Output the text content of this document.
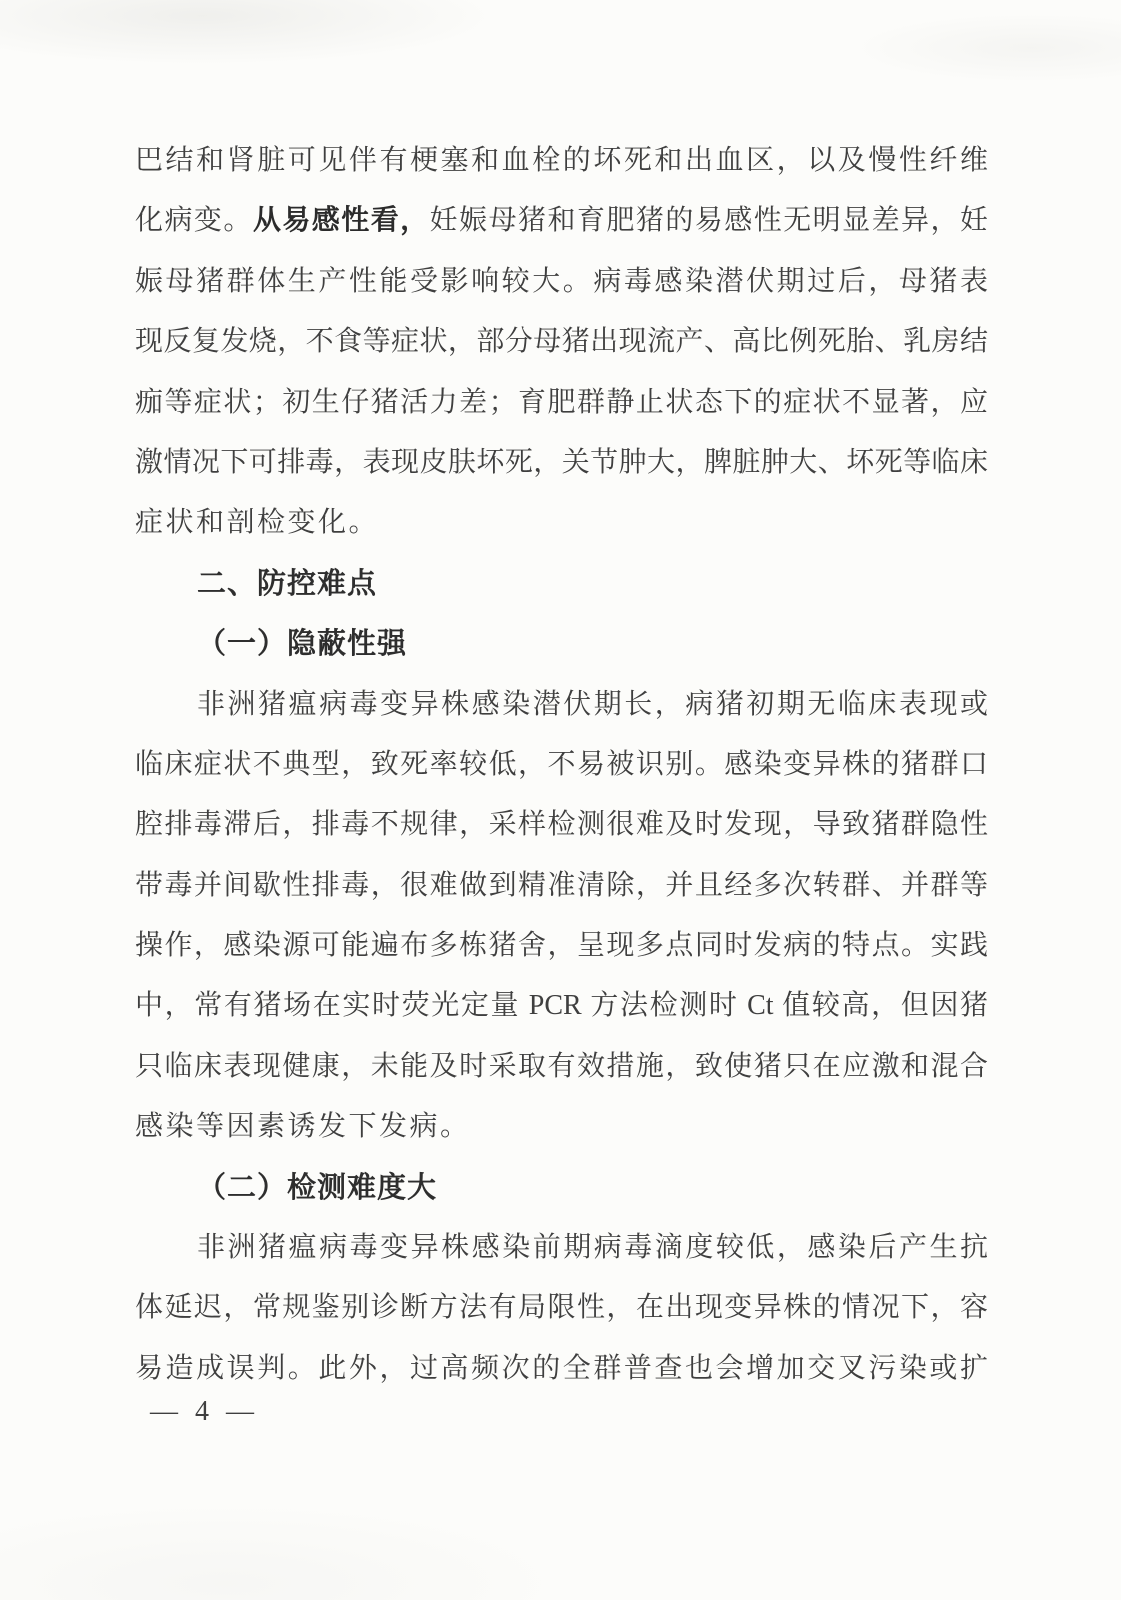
巴结和肾脏可见伴有梗塞和血栓的坏死和出血区，以及慢性纤维

化病变。从易感性看，妊娠母猪和育肥猪的易感性无明显差异，妊

娠母猪群体生产性能受影响较大。病毒感染潜伏期过后，母猪表

现反复发烧，不食等症状，部分母猪出现流产、高比例死胎、乳房结

痂等症状；初生仔猪活力差；育肥群静止状态下的症状不显著，应

激情况下可排毒，表现皮肤坏死，关节肿大，脾脏肿大、坏死等临床

症状和剖检变化。

二、防控难点

（一）隐蔽性强

非洲猪瘟病毒变异株感染潜伏期长，病猪初期无临床表现或

临床症状不典型，致死率较低，不易被识别。感染变异株的猪群口

腔排毒滞后，排毒不规律，采样检测很难及时发现，导致猪群隐性

带毒并间歇性排毒，很难做到精准清除，并且经多次转群、并群等

操作，感染源可能遍布多栋猪舍，呈现多点同时发病的特点。实践

中，常有猪场在实时荧光定量 PCR 方法检测时 Ct 值较高，但因猪

只临床表现健康，未能及时采取有效措施，致使猪只在应激和混合

感染等因素诱发下发病。

（二）检测难度大

非洲猪瘟病毒变异株感染前期病毒滴度较低，感染后产生抗

体延迟，常规鉴别诊断方法有局限性，在出现变异株的情况下，容

易造成误判。此外，过高频次的全群普查也会增加交叉污染或扩

— 4 —
